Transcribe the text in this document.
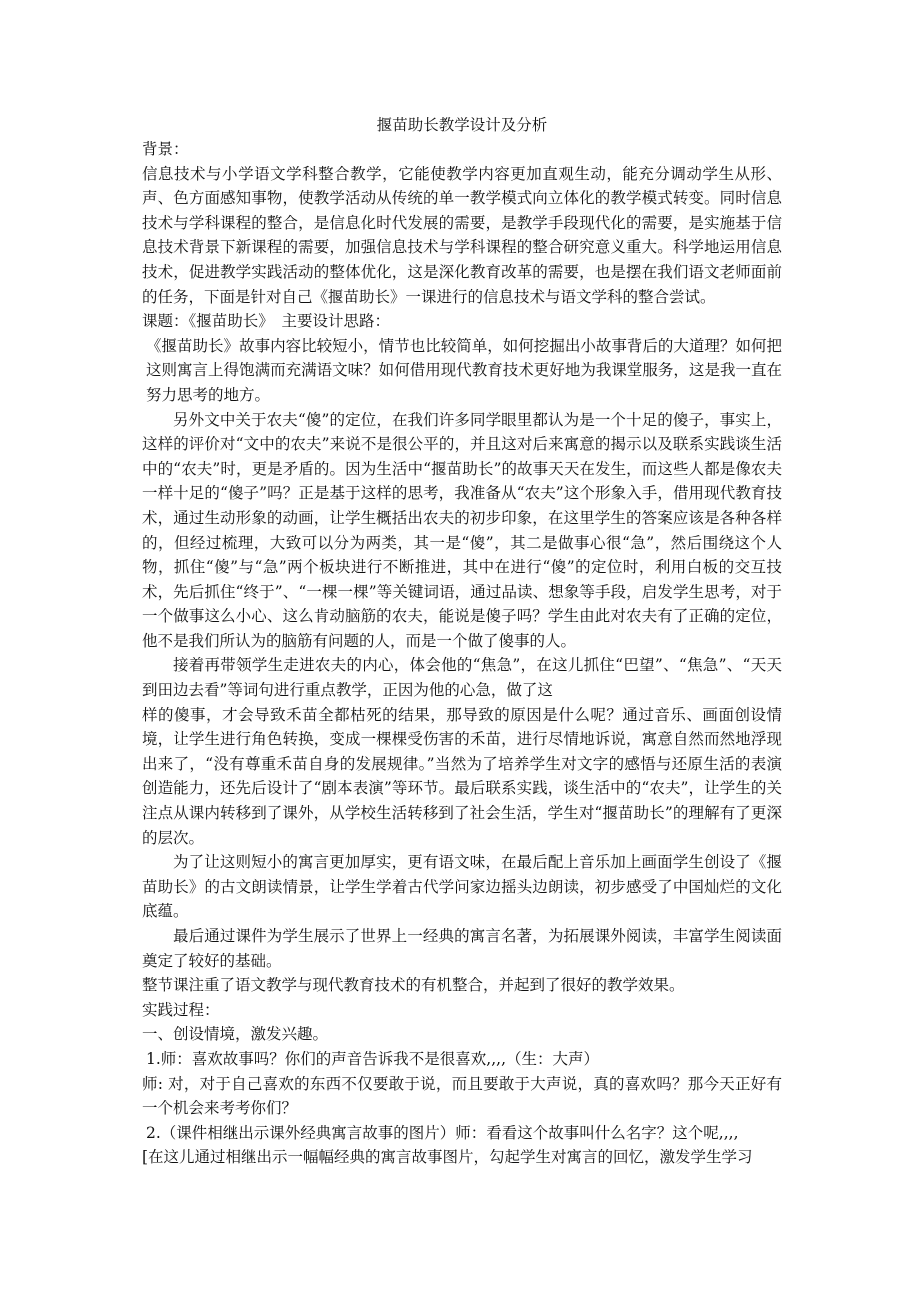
揠苗助长教学设计及分析

背景：

信息技术与小学语文学科整合教学，它能使教学内容更加直观生动，能充分调动学生从形、声、色方面感知事物，使教学活动从传统的单一教学模式向立体化的教学模式转变。同时信息技术与学科课程的整合，是信息化时代发展的需要，是教学手段现代化的需要，是实施基于信息技术背景下新课程的需要，加强信息技术与学科课程的整合研究意义重大。科学地运用信息技术，促进教学实践活动的整体优化，这是深化教育改革的需要，也是摆在我们语文老师面前的任务，下面是针对自己《揠苗助长》一课进行的信息技术与语文学科的整合尝试。

课题：《揠苗助长》　主要设计思路：

《揠苗助长》故事内容比较短小，情节也比较简单，如何挖掘出小故事背后的大道理？如何把这则寓言上得饱满而充满语文味？如何借用现代教育技术更好地为我课堂服务，这是我一直在努力思考的地方。

另外文中关于农夫“傻”的定位，在我们许多同学眼里都认为是一个十足的傻子，事实上，这样的评价对“文中的农夫”来说不是很公平的，并且这对后来寓意的揭示以及联系实践谈生活中的“农夫”时，更是矛盾的。因为生活中“揠苗助长”的故事天天在发生，而这些人都是像农夫一样十足的“傻子”吗？正是基于这样的思考，我准备从“农夫”这个形象入手，借用现代教育技术，通过生动形象的动画，让学生概括出农夫的初步印象，在这里学生的答案应该是各种各样的，但经过梳理，大致可以分为两类，其一是“傻”，其二是做事心很“急”，然后围绕这个人物，抓住“傻”与“急”两个板块进行不断推进，其中在进行“傻”的定位时，利用白板的交互技术，先后抓住“终于”、“一棵一棵”等关键词语，通过品读、想象等手段，启发学生思考，对于一个做事这么小心、这么肯动脑筋的农夫，能说是傻子吗？学生由此对农夫有了正确的定位，他不是我们所认为的脑筋有问题的人，而是一个做了傻事的人。

接着再带领学生走进农夫的内心，体会他的“焦急”，在这儿抓住“巴望”、“焦急”、“天天到田边去看”等词句进行重点教学，正因为他的心急，做了这

样的傻事，才会导致禾苗全都枯死的结果，那导致的原因是什么呢？通过音乐、画面创设情境，让学生进行角色转换，变成一棵棵受伤害的禾苗，进行尽情地诉说，寓意自然而然地浮现出来了，“没有尊重禾苗自身的发展规律。”当然为了培养学生对文字的感悟与还原生活的表演创造能力，还先后设计了“剧本表演”等环节。最后联系实践，谈生活中的“农夫”，让学生的关注点从课内转移到了课外，从学校生活转移到了社会生活，学生对“揠苗助长”的理解有了更深的层次。

为了让这则短小的寓言更加厚实，更有语文味，在最后配上音乐加上画面学生创设了《揠苗助长》的古文朗读情景，让学生学着古代学问家边摇头边朗读，初步感受了中国灿烂的文化底蕴。

最后通过课件为学生展示了世界上一经典的寓言名著，为拓展课外阅读，丰富学生阅读面奠定了较好的基础。

整节课注重了语文教学与现代教育技术的有机整合，并起到了很好的教学效果。

实践过程：

一、创设情境，激发兴趣。

1.师：喜欢故事吗？你们的声音告诉我不是很喜欢,,,,（生：大声）

师: 对，对于自己喜欢的东西不仅要敢于说，而且要敢于大声说，真的喜欢吗？那今天正好有一个机会来考考你们？

2.（课件相继出示课外经典寓言故事的图片）师：看看这个故事叫什么名字？这个呢,,,,

[在这儿通过相继出示一幅幅经典的寓言故事图片，勾起学生对寓言的回忆，激发学生学习
